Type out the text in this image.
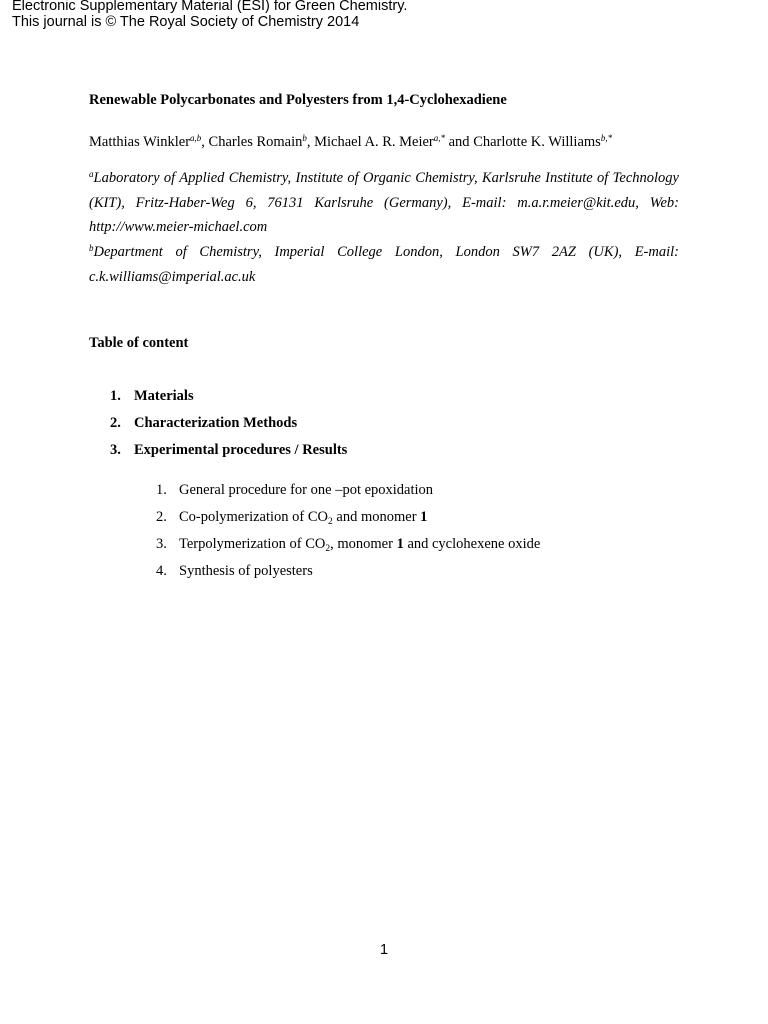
Electronic Supplementary Material (ESI) for Green Chemistry.
This journal is © The Royal Society of Chemistry 2014
Renewable Polycarbonates and Polyesters from 1,4-Cyclohexadiene
Matthias Winkler$^{a,b}$, Charles Romain$^b$, Michael A. R. Meier$^{a,*}$ and Charlotte K. Williams$^{b,*}$
$^a$Laboratory of Applied Chemistry, Institute of Organic Chemistry, Karlsruhe Institute of Technology (KIT), Fritz-Haber-Weg 6, 76131 Karlsruhe (Germany), E-mail: m.a.r.meier@kit.edu, Web: http://www.meier-michael.com
$^b$Department of Chemistry, Imperial College London, London SW7 2AZ (UK), E-mail: c.k.williams@imperial.ac.uk
Table of content
1. Materials
2. Characterization Methods
3. Experimental procedures / Results
1. General procedure for one –pot epoxidation
2. Co-polymerization of $CO_2$ and monomer 1
3. Terpolymerization of $CO_2$, monomer 1 and cyclohexene oxide
4. Synthesis of polyesters
1
